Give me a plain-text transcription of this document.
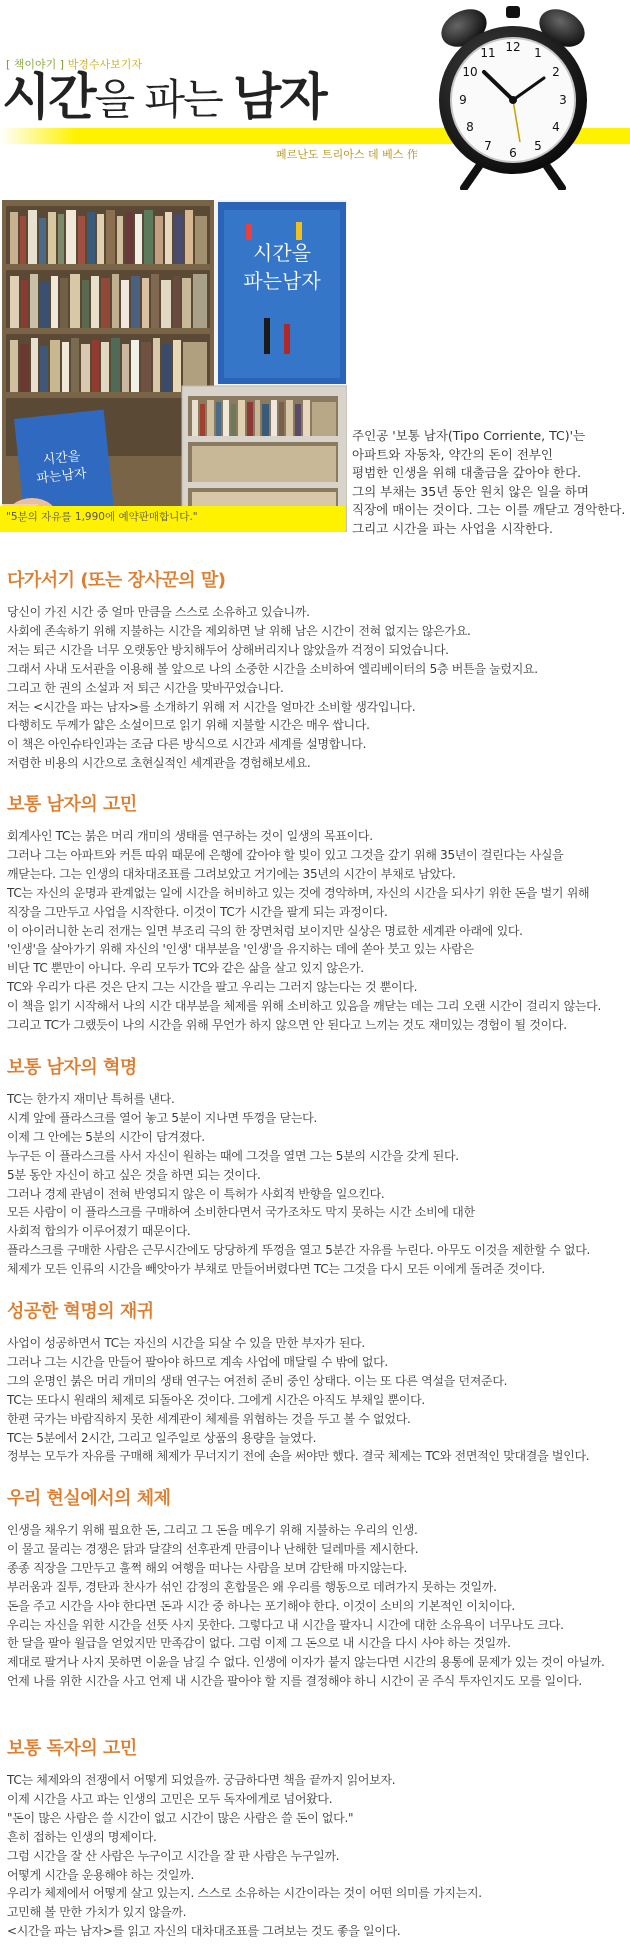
[ 책이야기 ] 박경수사보기자
시간을 파는 남자
페르난도 트리아스 데 베스 作
12 1
2
3
4
5
6
7
8
9
10
11
시간을
파는남자
시간을
파는남자
"5분의 자유를 1,990에 예약판매합니다."

주인공 '보통 남자(Tipo Corriente, TC)'는

아파트와 자동차, 약간의 돈이 전부인

평범한 인생을 위해 대출금을 갚아야 한다.

그의 부채는 35년 동안 원치 않은 일을 하며

직장에 매이는 것이다. 그는 이를 깨닫고 경악한다.

그리고 시간을 파는 사업을 시작한다.

다가서기 (또는 장사꾼의 말)

당신이 가진 시간 중 얼마 만큼을 스스로 소유하고 있습니까.

사회에 존속하기 위해 지불하는 시간을 제외하면 날 위해 남은 시간이 전혀 없지는 않은가요.

저는 퇴근 시간을 너무 오랫동안 방치해두어 상해버리지나 않았을까 걱정이 되었습니다.

그래서 사내 도서관을 이용해 볼 앞으로 나의 소중한 시간을 소비하여 엘리베이터의 5층 버튼을 눌렀지요.

그리고 한 권의 소설과 저 퇴근 시간을 맞바꾸었습니다.

저는 <시간을 파는 남자>를 소개하기 위해 저 시간을 얼마간 소비할 생각입니다.

다행히도 두께가 얇은 소설이므로 읽기 위해 지불할 시간은 매우 쌉니다.

이 책은 아인슈타인과는 조금 다른 방식으로 시간과 세계를 설명합니다.

저렴한 비용의 시간으로 초현실적인 세계관을 경험해보세요.

보통 남자의 고민

회계사인 TC는 붉은 머리 개미의 생태를 연구하는 것이 일생의 목표이다.

그러나 그는 아파트와 커튼 따위 때문에 은행에 갚아야 할 빚이 있고 그것을 갚기 위해 35년이 걸린다는 사실을

깨닫는다. 그는 인생의 대차대조표를 그려보았고 거기에는 35년의 시간이 부채로 남았다.

TC는 자신의 운명과 관계없는 일에 시간을 허비하고 있는 것에 경악하며, 자신의 시간을 되사기 위한 돈을 벌기 위해

직장을 그만두고 사업을 시작한다. 이것이 TC가 시간을 팔게 되는 과정이다.

이 아이러니한 논리 전개는 일면 부조리 극의 한 장면처럼 보이지만 실상은 명료한 세계관 아래에 있다.

'인생'을 살아가기 위해 자신의 '인생' 대부분을 '인생'을 유지하는 데에 쏟아 붓고 있는 사람은

비단 TC 뿐만이 아니다. 우리 모두가 TC와 같은 삶을 살고 있지 않은가.

TC와 우리가 다른 것은 단지 그는 시간을 팔고 우리는 그러지 않는다는 것 뿐이다.

이 책을 읽기 시작해서 나의 시간 대부분을 체제를 위해 소비하고 있음을 깨닫는 데는 그리 오랜 시간이 걸리지 않는다.

그리고 TC가 그랬듯이 나의 시간을 위해 무언가 하지 않으면 안 된다고 느끼는 것도 재미있는 경험이 될 것이다.

보통 남자의 혁명

TC는 한가지 재미난 특허를 낸다.

시계 앞에 플라스크를 열어 놓고 5분이 지나면 뚜껑을 닫는다.

이제 그 안에는 5분의 시간이 담겨졌다.

누구든 이 플라스크를 사서 자신이 원하는 때에 그것을 열면 그는 5분의 시간을 갖게 된다.

5분 동안 자신이 하고 싶은 것을 하면 되는 것이다.

그러나 경제 관념이 전혀 반영되지 않은 이 특허가 사회적 반향을 일으킨다.

모든 사람이 이 플라스크를 구매하여 소비한다면서 국가조차도 막지 못하는 시간 소비에 대한

사회적 합의가 이루어졌기 때문이다.

플라스크를 구매한 사람은 근무시간에도 당당하게 뚜껑을 열고 5분간 자유를 누린다. 아무도 이것을 제한할 수 없다.

체제가 모든 인류의 시간을 빼앗아가 부채로 만들어버렸다면 TC는 그것을 다시 모든 이에게 돌려준 것이다.

성공한 혁명의 재귀

사업이 성공하면서 TC는 자신의 시간을 되살 수 있을 만한 부자가 된다.

그러나 그는 시간을 만들어 팔아야 하므로 계속 사업에 매달릴 수 밖에 없다.

그의 운명인 붉은 머리 개미의 생태 연구는 여전히 준비 중인 상태다. 이는 또 다른 역설을 던져준다.

TC는 또다시 원래의 체제로 되돌아온 것이다. 그에게 시간은 아직도 부채일 뿐이다.

한편 국가는 바람직하지 못한 세계관이 체제를 위협하는 것을 두고 볼 수 없었다.

TC는 5분에서 2시간, 그리고 일주일로 상품의 용량을 늘였다.

정부는 모두가 자유를 구매해 체제가 무너지기 전에 손을 써야만 했다. 결국 체제는 TC와 전면적인 맞대결을 벌인다.

우리 현실에서의 체제

인생을 채우기 위해 필요한 돈, 그리고 그 돈을 메우기 위해 지불하는 우리의 인생.

이 물고 물리는 경쟁은 닭과 달걀의 선후관계 만큼이나 난해한 딜레마를 제시한다.

종종 직장을 그만두고 훌쩍 해외 여행을 떠나는 사람을 보며 감탄해 마지않는다.

부러움과 질투, 경탄과 찬사가 섞인 감정의 혼합물은 왜 우리를 행동으로 데려가지 못하는 것일까.

돈을 주고 시간을 사야 한다면 돈과 시간 중 하나는 포기해야 한다. 이것이 소비의 기본적인 이치이다.

우리는 자신을 위한 시간을 선뜻 사지 못한다. 그렇다고 내 시간을 팔자니 시간에 대한 소유욕이 너무나도 크다.

한 달을 팔아 월급을 얻었지만 만족감이 없다. 그럼 이제 그 돈으로 내 시간을 다시 사야 하는 것일까.

제대로 팔거나 사지 못하면 이윤을 남길 수 없다. 인생에 이자가 붙지 않는다면 시간의 용통에 문제가 있는 것이 아닐까.

언제 나를 위한 시간을 사고 언제 내 시간을 팔아야 할 지를 결정해야 하니 시간이 곧 주식 투자인지도 모를 일이다.

보통 독자의 고민

TC는 체제와의 전쟁에서 어떻게 되었을까. 궁금하다면 책을 끝까지 읽어보자.

이제 시간을 사고 파는 인생의 고민은 모두 독자에게로 넘어왔다.

"돈이 많은 사람은 쓸 시간이 없고 시간이 많은 사람은 쓸 돈이 없다."

흔히 접하는 인생의 명제이다.

그럼 시간을 잘 산 사람은 누구이고 시간을 잘 판 사람은 누구일까.

어떻게 시간을 운용해야 하는 것일까.

우리가 체제에서 어떻게 살고 있는지. 스스로 소유하는 시간이라는 것이 어떤 의미를 가지는지.

고민해 볼 만한 가치가 있지 않을까.

<시간을 파는 남자>를 읽고 자신의 대차대조표를 그려보는 것도 좋을 일이다.
